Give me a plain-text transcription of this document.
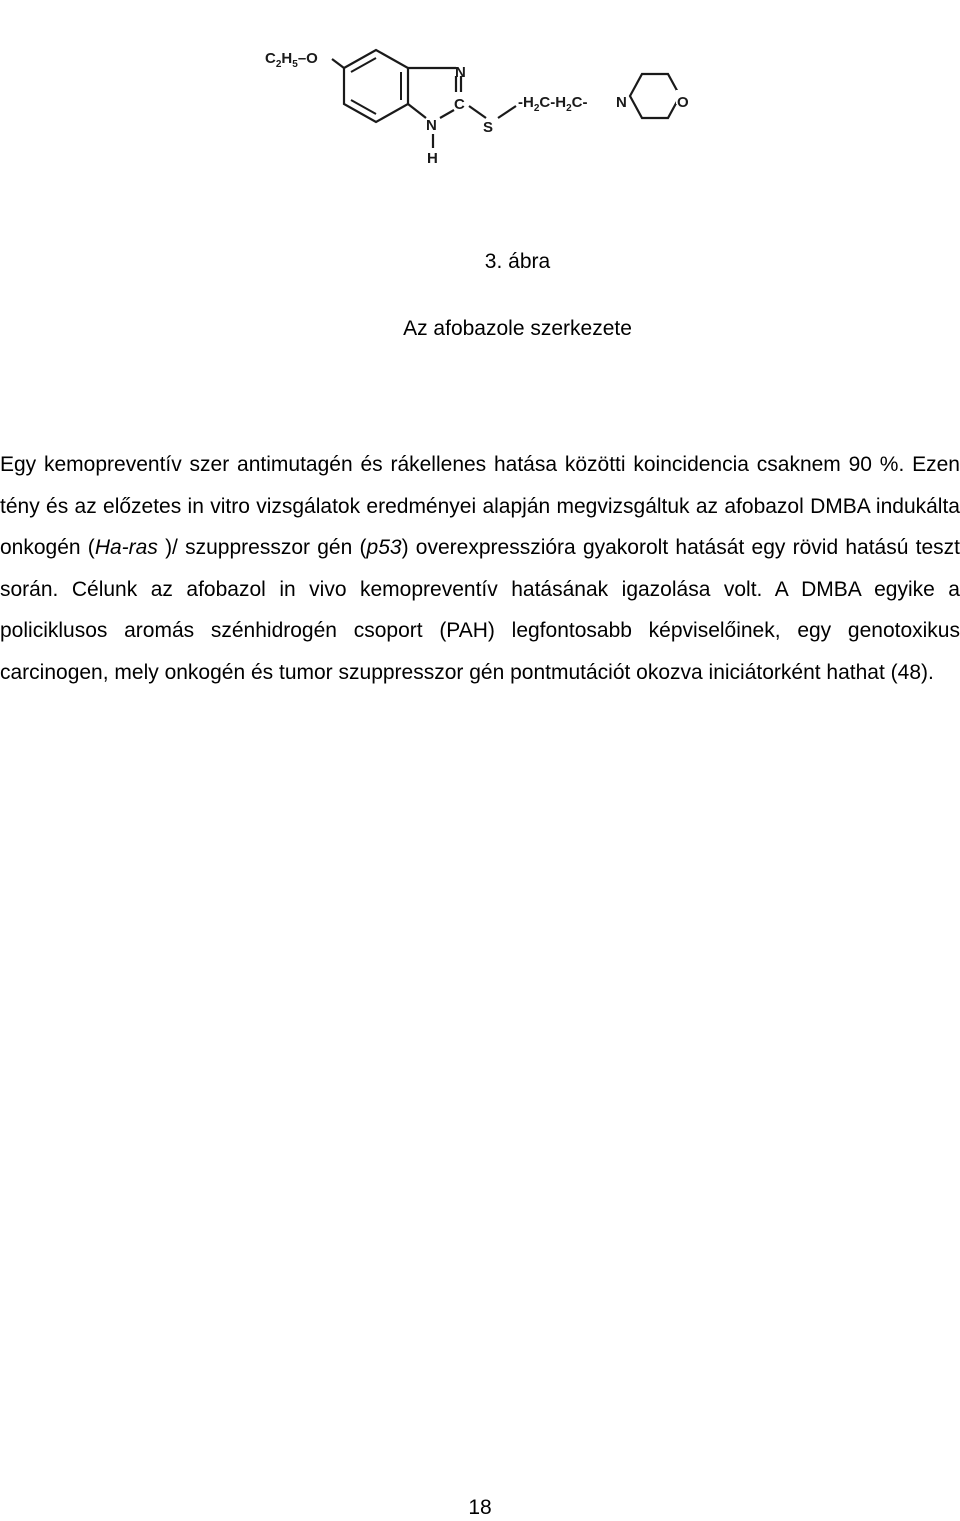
$C_2H_5-O$
N
C
N
H
S
$-H_2C-H_2C-$ N	O
3. ábra
Az afobazole szerkezete
Egy kemopreventív szer antimutagén és rákellenes hatása közötti koincidencia csaknem 90 %. Ezen  tény és az előzetes in vitro vizsgálatok eredményei alapján megvizsgáltuk az afobazol DMBA indukálta onkogén (Ha-ras )/ szuppresszor gén (p53) overexpresszióra gyakorolt hatását egy rövid hatású teszt során. Célunk az afobazol in vivo kemopreventív hatásának igazolása volt. A DMBA egyike a policiklusos aromás szénhidrogén csoport (PAH) legfontosabb képviselőinek, egy genotoxikus carcinogen, mely onkogén és tumor szuppresszor gén pontmutációt okozva iniciátorként hathat (48).
18
